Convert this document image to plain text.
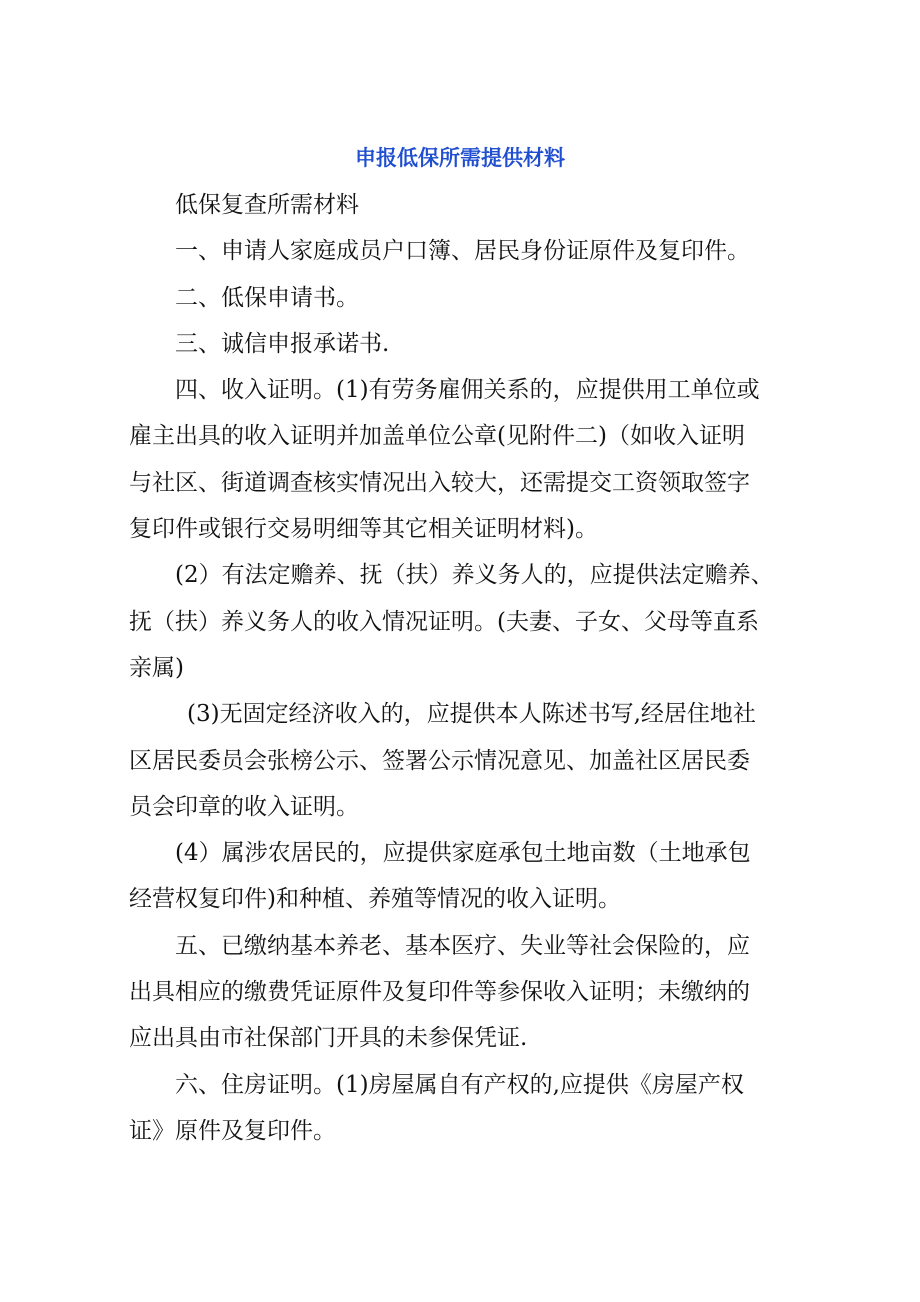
申报低保所需提供材料

低保复查所需材料

一、申请人家庭成员户口簿、居民身份证原件及复印件。

二、低保申请书。

三、诚信申报承诺书.

四、收入证明。(1)有劳务雇佣关系的，应提供用工单位或
雇主出具的收入证明并加盖单位公章(见附件二)（如收入证明
与社区、街道调查核实情况出入较大，还需提交工资领取签字
复印件或银行交易明细等其它相关证明材料)。

(2）有法定赡养、抚（扶）养义务人的，应提供法定赡养、
抚（扶）养义务人的收入情况证明。(夫妻、子女、父母等直系
亲属)

(3)无固定经济收入的，应提供本人陈述书写,经居住地社
区居民委员会张榜公示、签署公示情况意见、加盖社区居民委
员会印章的收入证明。

(4）属涉农居民的，应提供家庭承包土地亩数（土地承包
经营权复印件)和种植、养殖等情况的收入证明。

五、已缴纳基本养老、基本医疗、失业等社会保险的，应
出具相应的缴费凭证原件及复印件等参保收入证明；未缴纳的
应出具由市社保部门开具的未参保凭证.

六、住房证明。(1)房屋属自有产权的,应提供《房屋产权
证》原件及复印件。
